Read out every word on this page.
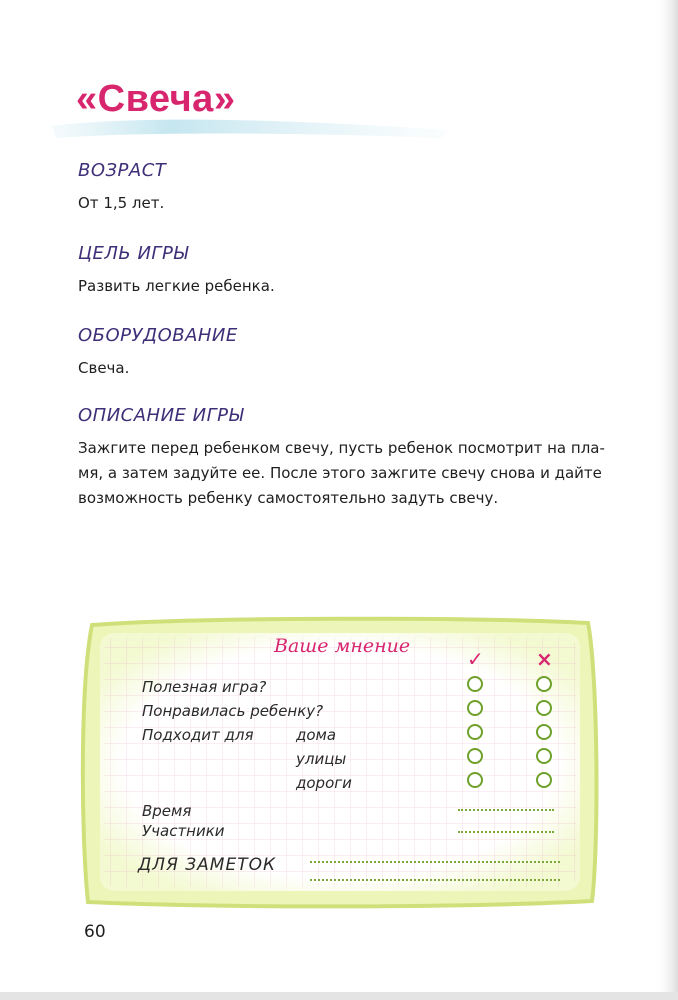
«Свеча»
ВОЗРАСТ

От 1,5 лет.

ЦЕЛЬ ИГРЫ

Развить легкие ребенка.

ОБОРУДОВАНИЕ

Свеча.

ОПИСАНИЕ ИГРЫ

Зажгите перед ребенком свечу, пусть ребенок посмотрит на пла-
мя, а затем задуйте ее. После этого зажгите свечу снова и дайте
возможность ребенку самостоятельно задуть свечу.

Ваше мнение
✓	×
Полезная игра?
Понравилась ребенку?
Подходит для	дома
улицы
дороги
Время
Участники
ДЛЯ ЗАМЕТОК
60
